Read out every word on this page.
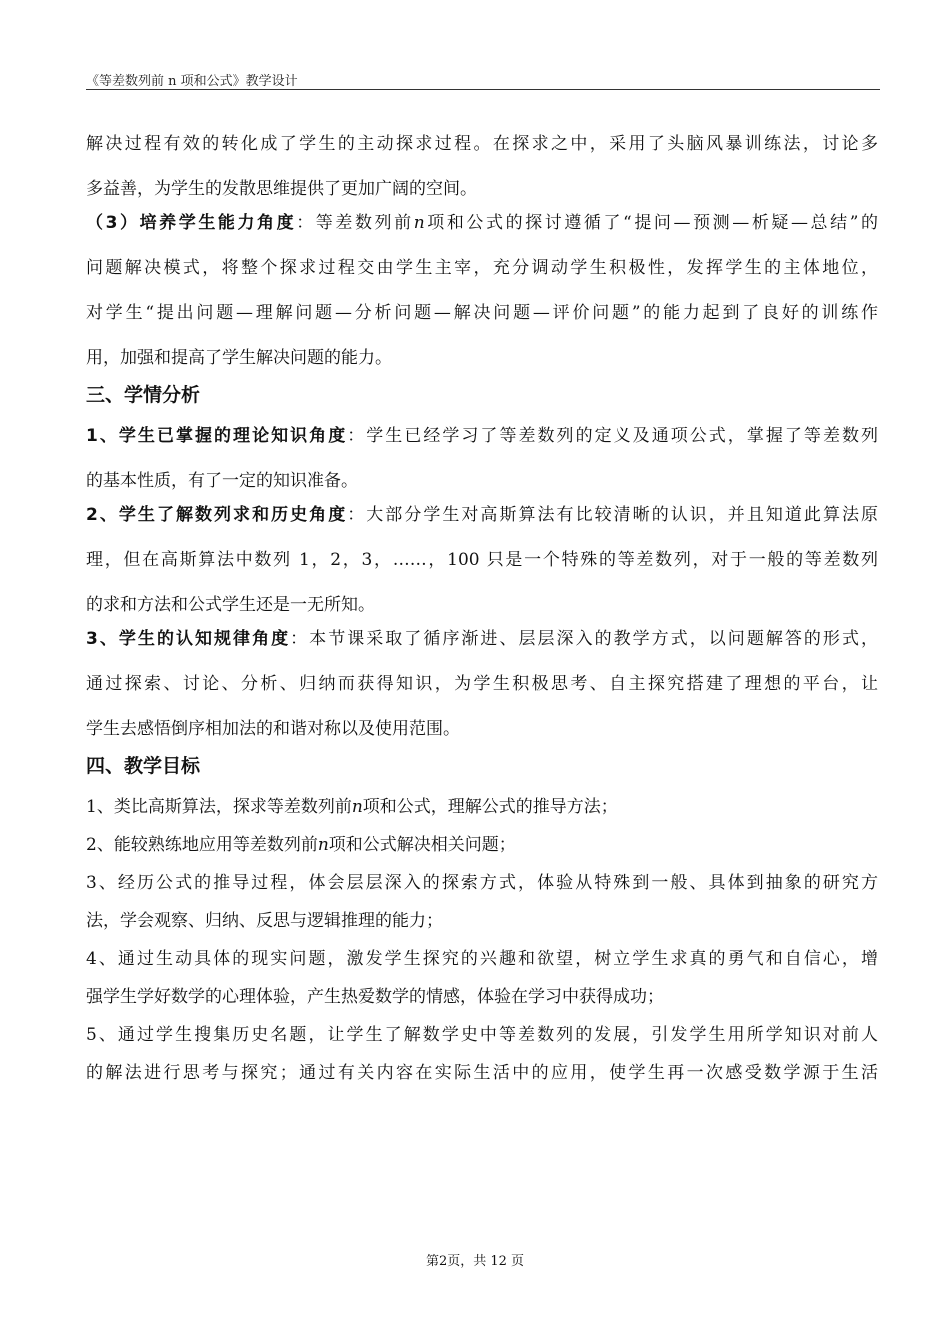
《等差数列前 n 项和公式》教学设计

解决过程有效的转化成了学生的主动探求过程。在探求之中，采用了头脑风暴训练法，讨论多

多益善，为学生的发散思维提供了更加广阔的空间。

（3）培养学生能力角度：等差数列前n项和公式的探讨遵循了“提问—预测—析疑—总结”的

问题解决模式，将整个探求过程交由学生主宰，充分调动学生积极性，发挥学生的主体地位，

对学生“提出问题—理解问题—分析问题—解决问题—评价问题”的能力起到了良好的训练作

用，加强和提高了学生解决问题的能力。

三、学情分析

1、学生已掌握的理论知识角度：学生已经学习了等差数列的定义及通项公式，掌握了等差数列

的基本性质，有了一定的知识准备。

2、学生了解数列求和历史角度：大部分学生对高斯算法有比较清晰的认识，并且知道此算法原

理，但在高斯算法中数列 1，2，3，……，100 只是一个特殊的等差数列，对于一般的等差数列

的求和方法和公式学生还是一无所知。

3、学生的认知规律角度：本节课采取了循序渐进、层层深入的教学方式，以问题解答的形式，

通过探索、讨论、分析、归纳而获得知识，为学生积极思考、自主探究搭建了理想的平台，让

学生去感悟倒序相加法的和谐对称以及使用范围。

四、教学目标

1、类比高斯算法，探求等差数列前n项和公式，理解公式的推导方法；

2、能较熟练地应用等差数列前n项和公式解决相关问题；

3、经历公式的推导过程，体会层层深入的探索方式，体验从特殊到一般、具体到抽象的研究方

法，学会观察、归纳、反思与逻辑推理的能力；

4、通过生动具体的现实问题，激发学生探究的兴趣和欲望，树立学生求真的勇气和自信心，增

强学生学好数学的心理体验，产生热爱数学的情感，体验在学习中获得成功；

5、通过学生搜集历史名题，让学生了解数学史中等差数列的发展，引发学生用所学知识对前人

的解法进行思考与探究；通过有关内容在实际生活中的应用，使学生再一次感受数学源于生活

第2页，共 12 页
